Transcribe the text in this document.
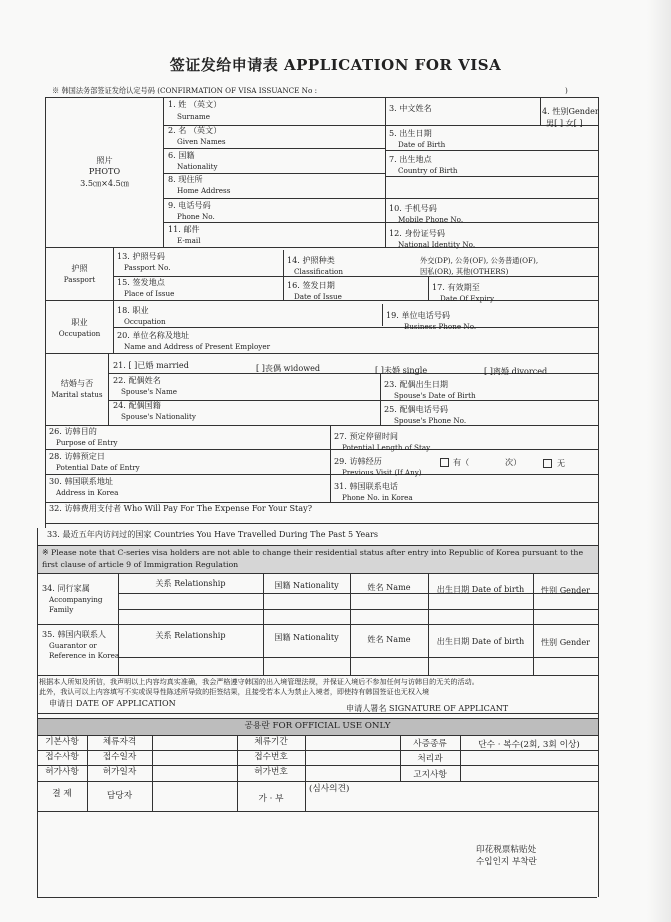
签证发给申请表 APPLICATION FOR VISA
※ 韩国法务部签证发给认定号码 (CONFIRMATION OF VISA ISSUANCE No :	)
照片
PHOTO
3.5㎝×4.5㎝
1. 姓 （英文）
Surname
3. 中文姓名	4. 性别Gender
男[ ] 女[ ]
2. 名 （英文）
Given Names
5. 出生日期
Date of Birth
6. 国籍
Nationality
7. 出生地点
Country of Birth
8. 现住所
Home Address
9. 电话号码
Phone No.
10. 手机号码
Mobile Phone No.
11. 邮件
E-mail
12. 身份证号码
National Identity No.
护照
Passport
13. 护照号码
Passport No.
14. 护照种类
Classification
外交(DP), 公务(OF), 公务普通(OF),
因私(OR), 其他(OTHERS)
15. 签发地点
Place of Issue
16. 签发日期
Date of Issue
17. 有效期至
Date Of Expiry
职业
Occupation
18. 职业
Occupation
19. 单位电话号码
Business Phone No.
20. 单位名称及地址
Name and Address of Present Employer
结婚与否
Marital status
21. [ ]已婚 married	[ ]丧偶 widowed	[ ]未婚 single	[ ]离婚 divorced
22. 配偶姓名
Spouse's Name
23. 配偶出生日期
Spouse's Date of Birth
24. 配偶国籍
Spouse's Nationality
25. 配偶电话号码
Spouse's Phone No.
26. 访韩目的
Purpose of Entry
27. 预定停留时间
Potential Length of Stay
28. 访韩预定日
Potential Date of Entry
29. 访韩经历
Previous Visit (If Any)
有（	次）	无
30. 韩国联系地址
Address in Korea
31. 韩国联系电话
Phone No. in Korea
32. 访韩费用支付者 Who Will Pay For The Expense For Your Stay?
33. 最近五年内访问过的国家 Countries You Have Travelled During The Past 5 Years
※ Please note that C-series visa holders are not able to change their residential status after entry into Republic of Korea pursuant to the first clause of article 9 of Immigration Regulation
34. 同行家属
Accompanying
Family
关系 Relationship	国籍 Nationality	姓名 Name	出生日期 Date of birth	性别 Gender
35. 韩国内联系人
Guarantor or
Reference in Korea
关系 Relationship	国籍 Nationality	姓名 Name	出生日期 Date of birth	性别 Gender
根据本人所知及所信，我声明以上内容均真实准确，我会严格遵守韩国的出入境管理法规，并保证入境后不参加任何与访韩目的无关的活动。
此外，我认可以上内容填写不实或误导性陈述所导致的拒签结果，且接受若本人为禁止入境者，即使持有韩国签证也无权入境
申请日 DATE OF APPLICATION	申请人署名 SIGNATURE OF APPLICANT
공용란 FOR OFFICIAL USE ONLY
기본사항	체류자격	체류기간	사증종류	단수 · 복수(2회, 3회 이상)
접수사항	접수일자	접수번호	처리과
허가사항	허가일자	허가번호	고지사항
결 제	담당자	가 · 부
(심사의견)
印花税票粘贴处
수입인지 부착란
